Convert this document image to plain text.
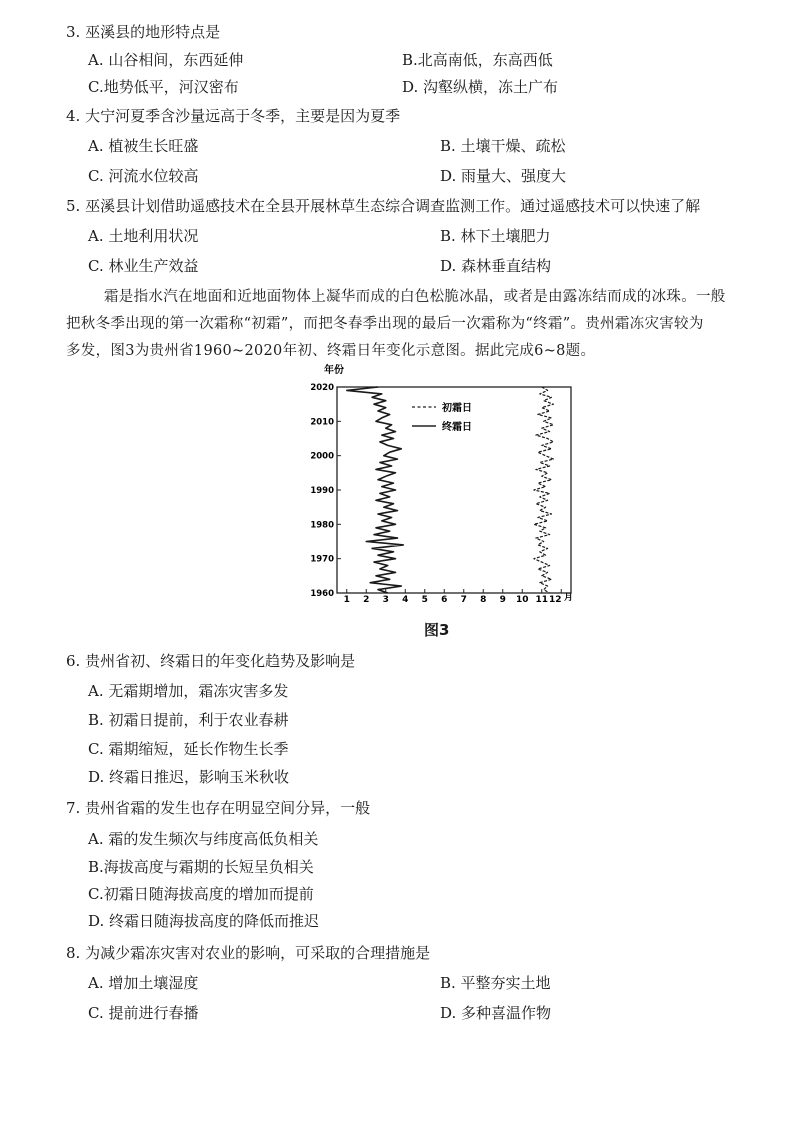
3. 巫溪县的地形特点是
A. 山谷相间，东西延伸	B.北高南低，东高西低
C.地势低平，河汉密布	D. 沟壑纵横，冻土广布
4. 大宁河夏季含沙量远高于冬季，主要是因为夏季
A. 植被生长旺盛	B. 土壤干燥、疏松
C. 河流水位较高	D. 雨量大、强度大
5. 巫溪县计划借助遥感技术在全县开展林草生态综合调查监测工作。通过遥感技术可以快速了解
A. 土地利用状况	B. 林下土壤肥力
C. 林业生产效益	D. 森林垂直结构
霜是指水汽在地面和近地面物体上凝华而成的白色松脆冰晶，或者是由露冻结而成的冰珠。一般
把秋冬季出现的第一次霜称“初霜”，而把冬春季出现的最后一次霜称为“终霜”。贵州霜冻灾害较为
多发，图3为贵州省1960~2020年初、终霜日年变化示意图。据此完成6~8题。
年份
2020
2010
2000
1990
1980
1970
1960
1 2 3 4 5 6 7 8 9 10 11 12 月
初霜日
终霜日
图3
6. 贵州省初、终霜日的年变化趋势及影响是
A. 无霜期增加，霜冻灾害多发
B. 初霜日提前，利于农业春耕
C. 霜期缩短，延长作物生长季
D. 终霜日推迟，影响玉米秋收
7. 贵州省霜的发生也存在明显空间分异，一般
A. 霜的发生频次与纬度高低负相关
B.海拔高度与霜期的长短呈负相关
C.初霜日随海拔高度的增加而提前
D. 终霜日随海拔高度的降低而推迟
8. 为减少霜冻灾害对农业的影响，可采取的合理措施是
A. 增加土壤湿度	B. 平整夯实土地
C. 提前进行春播	D. 多种喜温作物
